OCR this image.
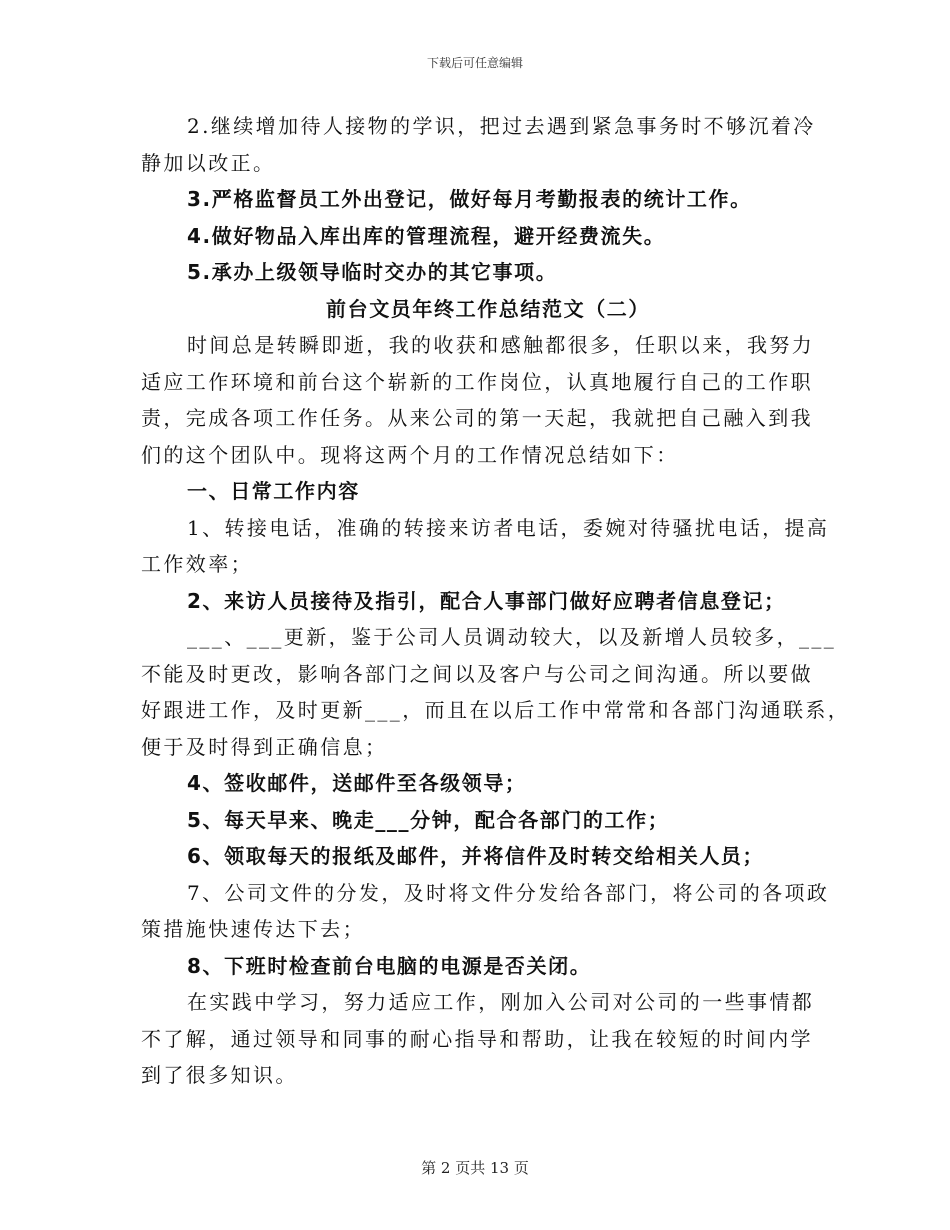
下载后可任意编辑

2.继续增加待人接物的学识，把过去遇到紧急事务时不够沉着冷

静加以改正。

3.严格监督员工外出登记，做好每月考勤报表的统计工作。

4.做好物品入库出库的管理流程，避开经费流失。

5.承办上级领导临时交办的其它事项。

前台文员年终工作总结范文（二）

时间总是转瞬即逝，我的收获和感触都很多，任职以来，我努力

适应工作环境和前台这个崭新的工作岗位，认真地履行自己的工作职

责，完成各项工作任务。从来公司的第一天起，我就把自己融入到我

们的这个团队中。现将这两个月的工作情况总结如下：

一、日常工作内容

1、转接电话，准确的转接来访者电话，委婉对待骚扰电话，提高

工作效率；

2、来访人员接待及指引，配合人事部门做好应聘者信息登记；

___、___更新，鉴于公司人员调动较大，以及新增人员较多，___

不能及时更改，影响各部门之间以及客户与公司之间沟通。所以要做

好跟进工作，及时更新___，而且在以后工作中常常和各部门沟通联系，

便于及时得到正确信息；

4、签收邮件，送邮件至各级领导；

5、每天早来、晚走___分钟，配合各部门的工作；

6、领取每天的报纸及邮件，并将信件及时转交给相关人员；

7、公司文件的分发，及时将文件分发给各部门，将公司的各项政

策措施快速传达下去；

8、下班时检查前台电脑的电源是否关闭。

在实践中学习，努力适应工作，刚加入公司对公司的一些事情都

不了解，通过领导和同事的耐心指导和帮助，让我在较短的时间内学

到了很多知识。

第 2 页共 13 页
